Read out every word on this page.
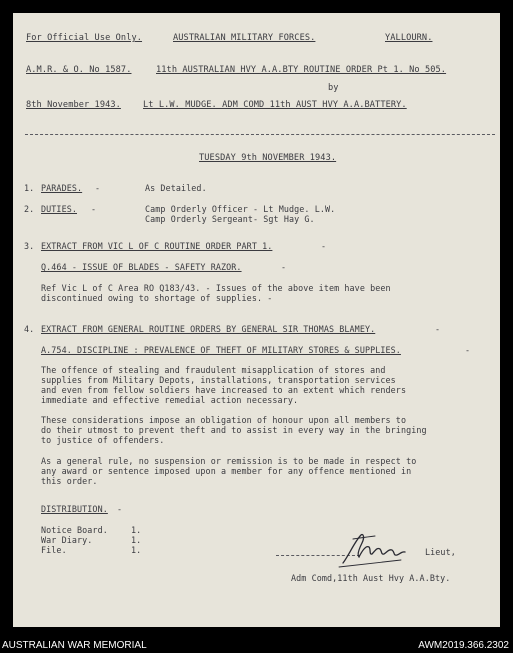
For Official Use Only.	AUSTRALIAN MILITARY FORCES.	YALLOURN.
A.M.R. & O. No 1587.	11th AUSTRALIAN HVY A.A.BTY ROUTINE ORDER Pt 1. No 505.
by
8th November 1943.	Lt L.W. MUDGE. ADM COMD 11th AUST HVY A.A.BATTERY.
TUESDAY 9th NOVEMBER 1943.
1. PARADES. -	As Detailed.
2. DUTIES. -	Camp Orderly Officer - Lt Mudge. L.W.
Camp Orderly Sergeant- Sgt Hay G.
3. EXTRACT FROM VIC L OF C ROUTINE ORDER PART 1.	-
Q.464 - ISSUE OF BLADES - SAFETY RAZOR.	-
Ref Vic L of C Area RO Q183/43. - Issues of the above item have been
discontinued owing to shortage of supplies. -
4. EXTRACT FROM GENERAL ROUTINE ORDERS BY GENERAL SIR THOMAS BLAMEY.	-
A.754. DISCIPLINE : PREVALENCE OF THEFT OF MILITARY STORES & SUPPLIES.	-
The offence of stealing and fraudulent misapplication of stores and
supplies from Military Depots, installations, transportation services
and even from fellow soldiers have increased to an extent which renders
immediate and effective remedial action necessary.
These considerations impose an obligation of honour upon all members to
do their utmost to prevent theft and to assist in every way in the bringing
to justice of offenders.
As a general rule, no suspension or remission is to be made in respect to
any award or sentence imposed upon a member for any offence mentioned in
this order.
DISTRIBUTION. -
Notice Board.	1.
War Diary.	1.
File.	1.	Lieut,
Adm Comd,11th Aust Hvy A.A.Bty.
AUSTRALIAN WAR MEMORIAL	AWM2019.366.2302
